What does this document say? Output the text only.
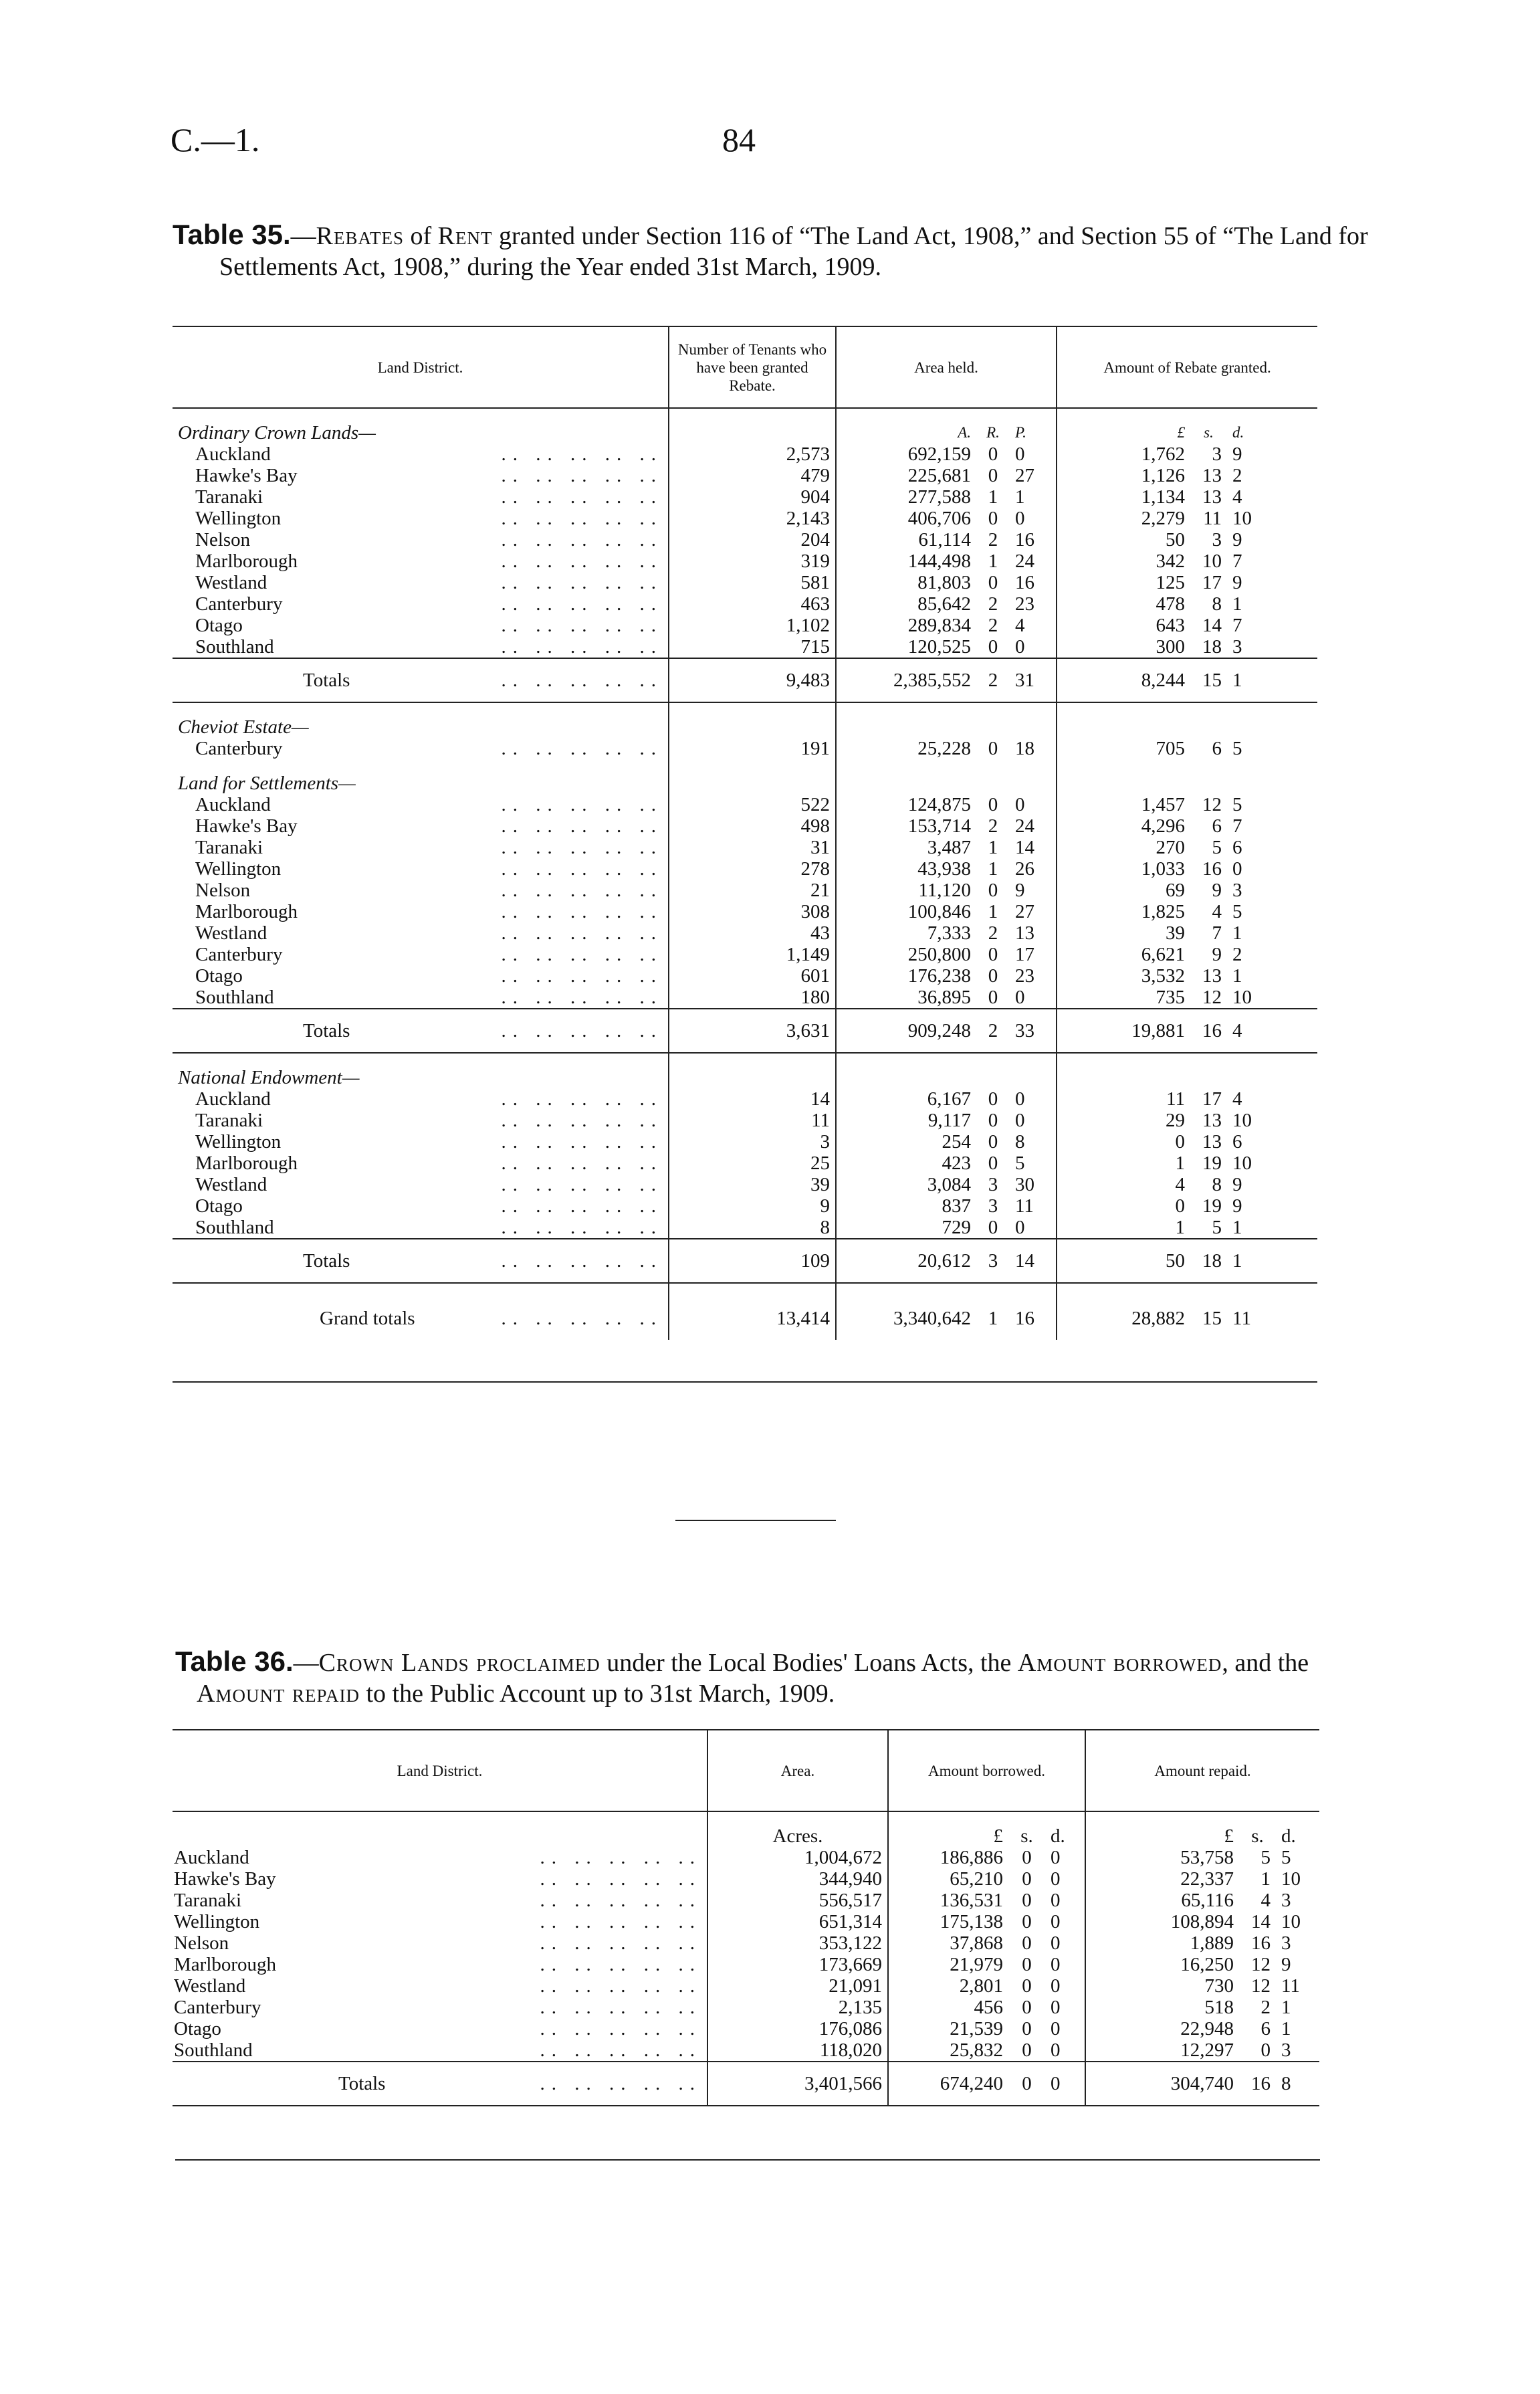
C.—1.	84
Table 35.—Rebates of Rent granted under Section 116 of “The Land Act, 1908,” and Section 55 of “The Land for Settlements Act, 1908,” during the Year ended 31st March, 1909.
Land District.	Number of Tenants who have been granted Rebate.	Area held.			Amount of Rebate granted.		

Ordinary Crown Lands—		A.	R.	P.	£	s.	d.
Auckland .. .. .. .. ..	2,573	692,159	0	0	1,762	3	9
Hawke's Bay .. .. .. .. ..	479	225,681	0	27	1,126	13	2
Taranaki .. .. .. .. ..	904	277,588	1	1	1,134	13	4
Wellington .. .. .. .. ..	2,143	406,706	0	0	2,279	11	10
Nelson .. .. .. .. ..	204	61,114	2	16	50	3	9
Marlborough .. .. .. .. ..	319	144,498	1	24	342	10	7
Westland .. .. .. .. ..	581	81,803	0	16	125	17	9
Canterbury .. .. .. .. ..	463	85,642	2	23	478	8	1
Otago .. .. .. .. ..	1,102	289,834	2	4	643	14	7
Southland .. .. .. .. ..	715	120,525	0	0	300	18	3
Totals .. .. .. .. ..	9,483	2,385,552	2	31	8,244	15	1

Cheviot Estate—							
Canterbury .. .. .. .. ..	191	25,228	0	18	705	6	5

Land for Settlements—							
Auckland .. .. .. .. ..	522	124,875	0	0	1,457	12	5
Hawke's Bay .. .. .. .. ..	498	153,714	2	24	4,296	6	7
Taranaki .. .. .. .. ..	31	3,487	1	14	270	5	6
Wellington .. .. .. .. ..	278	43,938	1	26	1,033	16	0
Nelson .. .. .. .. ..	21	11,120	0	9	69	9	3
Marlborough .. .. .. .. ..	308	100,846	1	27	1,825	4	5
Westland .. .. .. .. ..	43	7,333	2	13	39	7	1
Canterbury .. .. .. .. ..	1,149	250,800	0	17	6,621	9	2
Otago .. .. .. .. ..	601	176,238	0	23	3,532	13	1
Southland .. .. .. .. ..	180	36,895	0	0	735	12	10
Totals .. .. .. .. ..	3,631	909,248	2	33	19,881	16	4

National Endowment—							
Auckland .. .. .. .. ..	14	6,167	0	0	11	17	4
Taranaki .. .. .. .. ..	11	9,117	0	0	29	13	10
Wellington .. .. .. .. ..	3	254	0	8	0	13	6
Marlborough .. .. .. .. ..	25	423	0	5	1	19	10
Westland .. .. .. .. ..	39	3,084	3	30	4	8	9
Otago .. .. .. .. ..	9	837	3	11	0	19	9
Southland .. .. .. .. ..	8	729	0	0	1	5	1
Totals .. .. .. .. ..	109	20,612	3	14	50	18	1

Grand totals .. .. .. .. ..	13,414	3,340,642	1	16	28,882	15	11
Table 36.—Crown Lands proclaimed under the Local Bodies' Loans Acts, the Amount borrowed, and the Amount repaid to the Public Account up to 31st March, 1909.
Land District.	Area.	Amount borrowed.			Amount repaid.		

	Acres.	£	s.	d.	£	s.	d.
Auckland .. .. .. .. ..	1,004,672	186,886	0	0	53,758	5	5
Hawke's Bay .. .. .. .. ..	344,940	65,210	0	0	22,337	1	10
Taranaki .. .. .. .. ..	556,517	136,531	0	0	65,116	4	3
Wellington .. .. .. .. ..	651,314	175,138	0	0	108,894	14	10
Nelson .. .. .. .. ..	353,122	37,868	0	0	1,889	16	3
Marlborough .. .. .. .. ..	173,669	21,979	0	0	16,250	12	9
Westland .. .. .. .. ..	21,091	2,801	0	0	730	12	11
Canterbury .. .. .. .. ..	2,135	456	0	0	518	2	1
Otago .. .. .. .. ..	176,086	21,539	0	0	22,948	6	1
Southland .. .. .. .. ..	118,020	25,832	0	0	12,297	0	3
Totals .. .. .. .. ..	3,401,566	674,240	0	0	304,740	16	8
